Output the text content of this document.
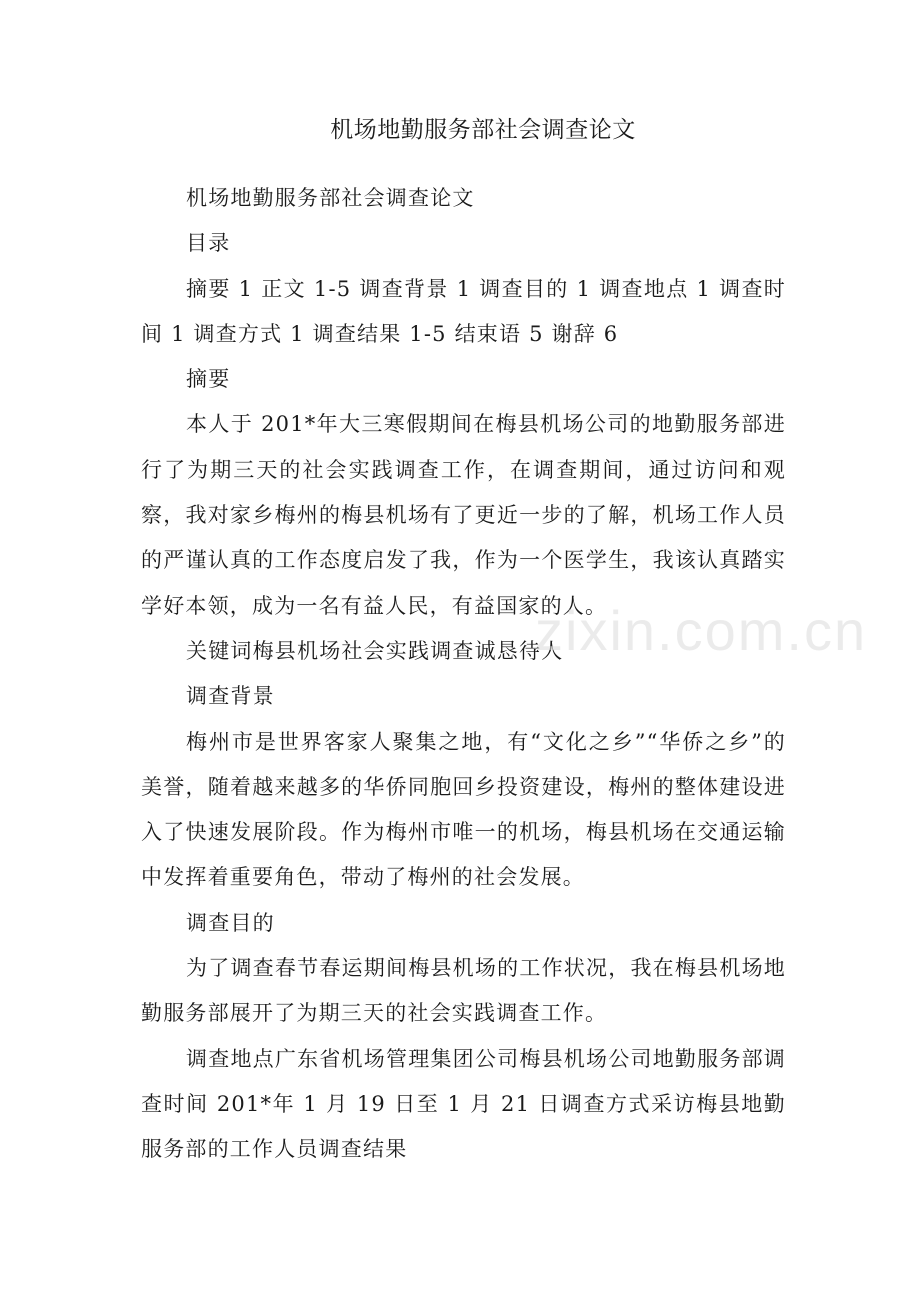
机场地勤服务部社会调查论文

机场地勤服务部社会调查论文

目录

摘要 1 正文 1-5 调查背景 1 调查目的 1 调查地点 1 调查时间 1 调查方式 1 调查结果 1-5 结束语 5 谢辞 6

摘要

本人于 201*年大三寒假期间在梅县机场公司的地勤服务部进行了为期三天的社会实践调查工作，在调查期间，通过访问和观察，我对家乡梅州的梅县机场有了更近一步的了解，机场工作人员的严谨认真的工作态度启发了我，作为一个医学生，我该认真踏实学好本领，成为一名有益人民，有益国家的人。

关键词梅县机场社会实践调查诚恳待人

调查背景

梅州市是世界客家人聚集之地，有“文化之乡”“华侨之乡”的美誉，随着越来越多的华侨同胞回乡投资建设，梅州的整体建设进入了快速发展阶段。作为梅州市唯一的机场，梅县机场在交通运输中发挥着重要角色，带动了梅州的社会发展。

调查目的

为了调查春节春运期间梅县机场的工作状况，我在梅县机场地勤服务部展开了为期三天的社会实践调查工作。

调查地点广东省机场管理集团公司梅县机场公司地勤服务部调查时间 201*年 1 月 19 日至 1 月 21 日调查方式采访梅县地勤服务部的工作人员调查结果

zixin.com.cn
